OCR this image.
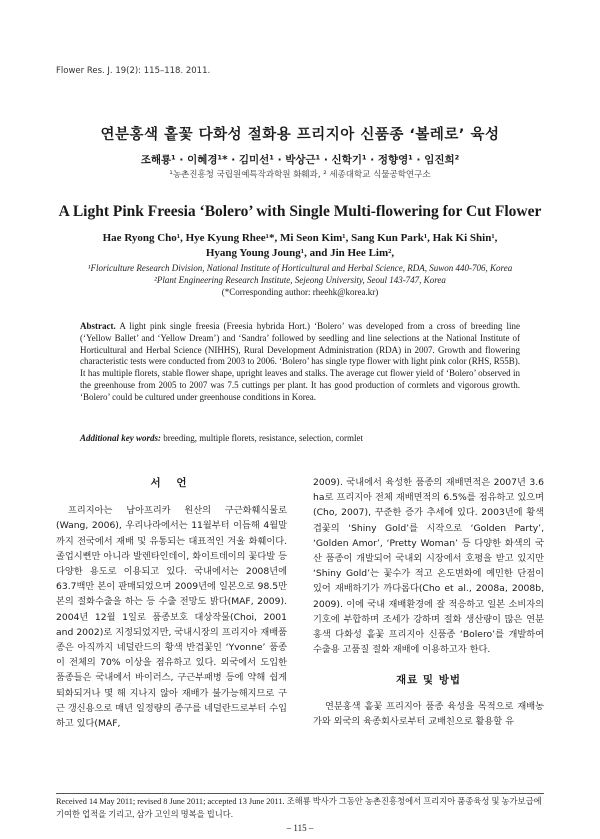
Flower Res. J. 19(2): 115–118. 2011.
연분홍색 홑꽃 다화성 절화용 프리지아 신품종 ‘볼레로’ 육성
조해룡¹ · 이혜경¹* · 김미선¹ · 박상근¹ · 신학기¹ · 정향영¹ · 임진희²
¹농촌진흥청 국립원예특작과학원 화훼과, ² 세종대학교 식물공학연구소
A Light Pink Freesia ‘Bolero’ with Single Multi-flowering for Cut Flower
Hae Ryong Cho¹, Hye Kyung Rhee¹*, Mi Seon Kim¹, Sang Kun Park¹, Hak Ki Shin¹,
Hyang Young Joung¹, and Jin Hee Lim²,
¹Floriculture Research Division, National Institute of Horticultural and Herbal Science, RDA, Suwon 440-706, Korea
²Plant Engineering Research Institute, Sejeong University, Seoul 143-747, Korea
(*Corresponding author: rheehk@korea.kr)
Abstract. A light pink single freesia (Freesia hybrida Hort.) ‘Bolero’ was developed from a cross of breeding line (‘Yellow Ballet’ and ‘Yellow Dream’) and ‘Sandra’ followed by seedling and line selections at the National Institute of Horticultural and Herbal Science (NIHHS), Rural Development Administration (RDA) in 2007. Growth and flowering characteristic tests were conducted from 2003 to 2006. ‘Bolero’ has single type flower with light pink color (RHS, R55B). It has multiple florets, stable flower shape, upright leaves and stalks. The average cut flower yield of ‘Bolero’ observed in the greenhouse from 2005 to 2007 was 7.5 cuttings per plant. It has good production of cormlets and vigorous growth. ‘Bolero’ could be cultured under greenhouse conditions in Korea.
Additional key words: breeding, multiple florets, resistance, selection, cormlet
서 언

프리지아는 남아프리카 원산의 구근화훼식물로 (Wang, 2006), 우리나라에서는 11월부터 이듬해 4월말까지 전국에서 재배 및 유통되는 대표적인 겨울 화훼이다. 졸업시뻔만 아니라 발렌타인데이, 화이트데이의 꽃다발 등 다양한 용도로 이용되고 있다. 국내에서는 2008년에 63.7백만 본이 판매되었으며 2009년에 일본으로 98.5만 본의 절화수출을 하는 등 수출 전망도 밝다(MAF, 2009). 2004년 12월 1일로 품종보호 대상작물(Choi, 2001 and 2002)로 지정되었지만, 국내시장의 프리지아 재배품종은 아직까지 네덜란드의 황색 반겹꽃인 ‘Yvonne’ 품종이 전체의 70% 이상을 점유하고 있다. 외국에서 도입한 품종들은 국내에서 바이러스, 구근부패병 등에 약해 쉽게 퇴화되거나 몇 해 지나지 않아 재배가 불가능해지므로 구근 갱신용으로 매년 일정량의 종구를 네덜란드로부터 수입하고 있다(MAF,

2009). 국내에서 육성한 품종의 재배면적은 2007년 3.6 ha로 프리지아 전체 재배면적의 6.5%를 점유하고 있으며 (Cho, 2007), 꾸준한 증가 추세에 있다. 2003년에 황색 겹꽃의 ‘Shiny Gold’를 시작으로 ‘Golden Party’, ‘Golden Amor’, ‘Pretty Woman’ 등 다양한 화색의 국산 품종이 개발되어 국내외 시장에서 호평을 받고 있지만 ‘Shiny Gold’는 꽃수가 적고 온도변화에 예민한 단점이 있어 재배하기가 까다롭다(Cho et al., 2008a, 2008b, 2009). 이에 국내 재배환경에 잘 적응하고 일본 소비자의 기호에 부합하며 조세가 강하며 절화 생산량이 많은 연분홍색 다화성 홑꽃 프리지아 신품종 ‘Bolero’를 개발하여 수출용 고품질 절화 재배에 이용하고자 한다.

재료 및 방법

연분홍색 홑꽃 프리지아 품종 육성을 목적으로 재배농가와 외국의 육종회사로부터 교배친으로 활용할 유

Received 14 May 2011; revised 8 June 2011; accepted 13 June 2011. 조해룡 박사가 그동안 농촌진흥청에서 프리지아 품종육성 및 농가보급에 기여한 업적을 기리고, 삼가 고인의 명복을 빕니다.
– 115 –
